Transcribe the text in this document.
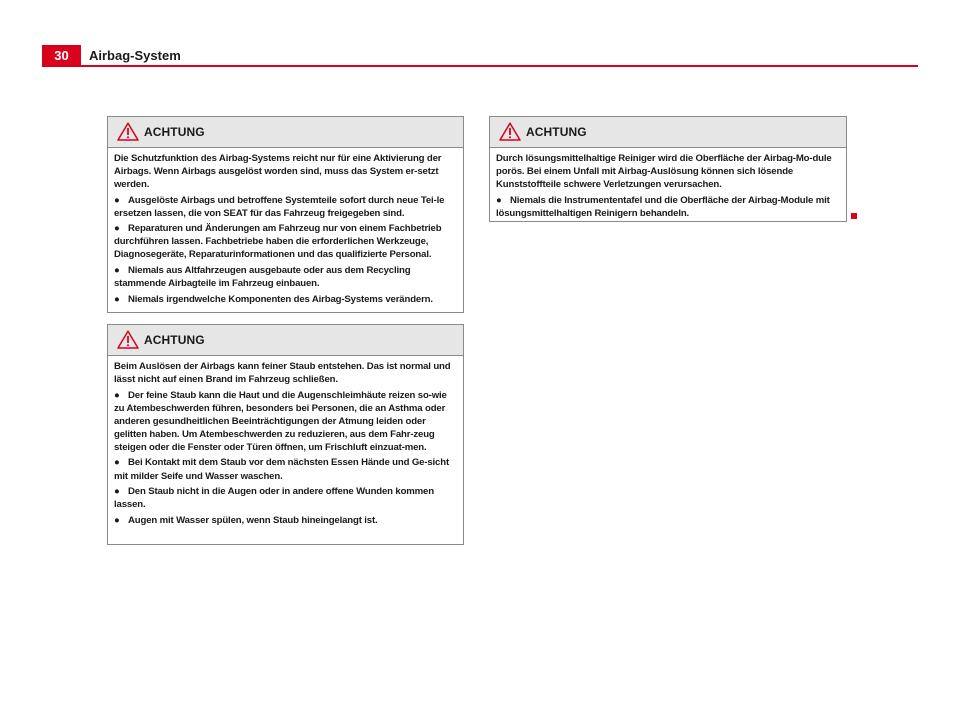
30	Airbag-System
ACHTUNG

Die Schutzfunktion des Airbag-Systems reicht nur für eine Aktivierung der Airbags. Wenn Airbags ausgelöst worden sind, muss das System er-setzt werden.

● Ausgelöste Airbags und betroffene Systemteile sofort durch neue Tei-le ersetzen lassen, die von SEAT für das Fahrzeug freigegeben sind.

● Reparaturen und Änderungen am Fahrzeug nur von einem Fachbetrieb durchführen lassen. Fachbetriebe haben die erforderlichen Werkzeuge, Diagnosegeräte, Reparaturinformationen und das qualifizierte Personal.

● Niemals aus Altfahrzeugen ausgebaute oder aus dem Recycling stammende Airbagteile im Fahrzeug einbauen.

● Niemals irgendwelche Komponenten des Airbag-Systems verändern.

ACHTUNG

Beim Auslösen der Airbags kann feiner Staub entstehen. Das ist normal und lässt nicht auf einen Brand im Fahrzeug schließen.

● Der feine Staub kann die Haut und die Augenschleimhäute reizen so-wie zu Atembeschwerden führen, besonders bei Personen, die an Asthma oder anderen gesundheitlichen Beeinträchtigungen der Atmung leiden oder gelitten haben. Um Atembeschwerden zu reduzieren, aus dem Fahr-zeug steigen oder die Fenster oder Türen öffnen, um Frischluft einzuat-men.

● Bei Kontakt mit dem Staub vor dem nächsten Essen Hände und Ge-sicht mit milder Seife und Wasser waschen.

● Den Staub nicht in die Augen oder in andere offene Wunden kommen lassen.

● Augen mit Wasser spülen, wenn Staub hineingelangt ist.

ACHTUNG

Durch lösungsmittelhaltige Reiniger wird die Oberfläche der Airbag-Mo-dule porös. Bei einem Unfall mit Airbag-Auslösung können sich lösende Kunststoffteile schwere Verletzungen verursachen.

● Niemals die Instrumententafel und die Oberfläche der Airbag-Module mit lösungsmittelhaltigen Reinigern behandeln.
